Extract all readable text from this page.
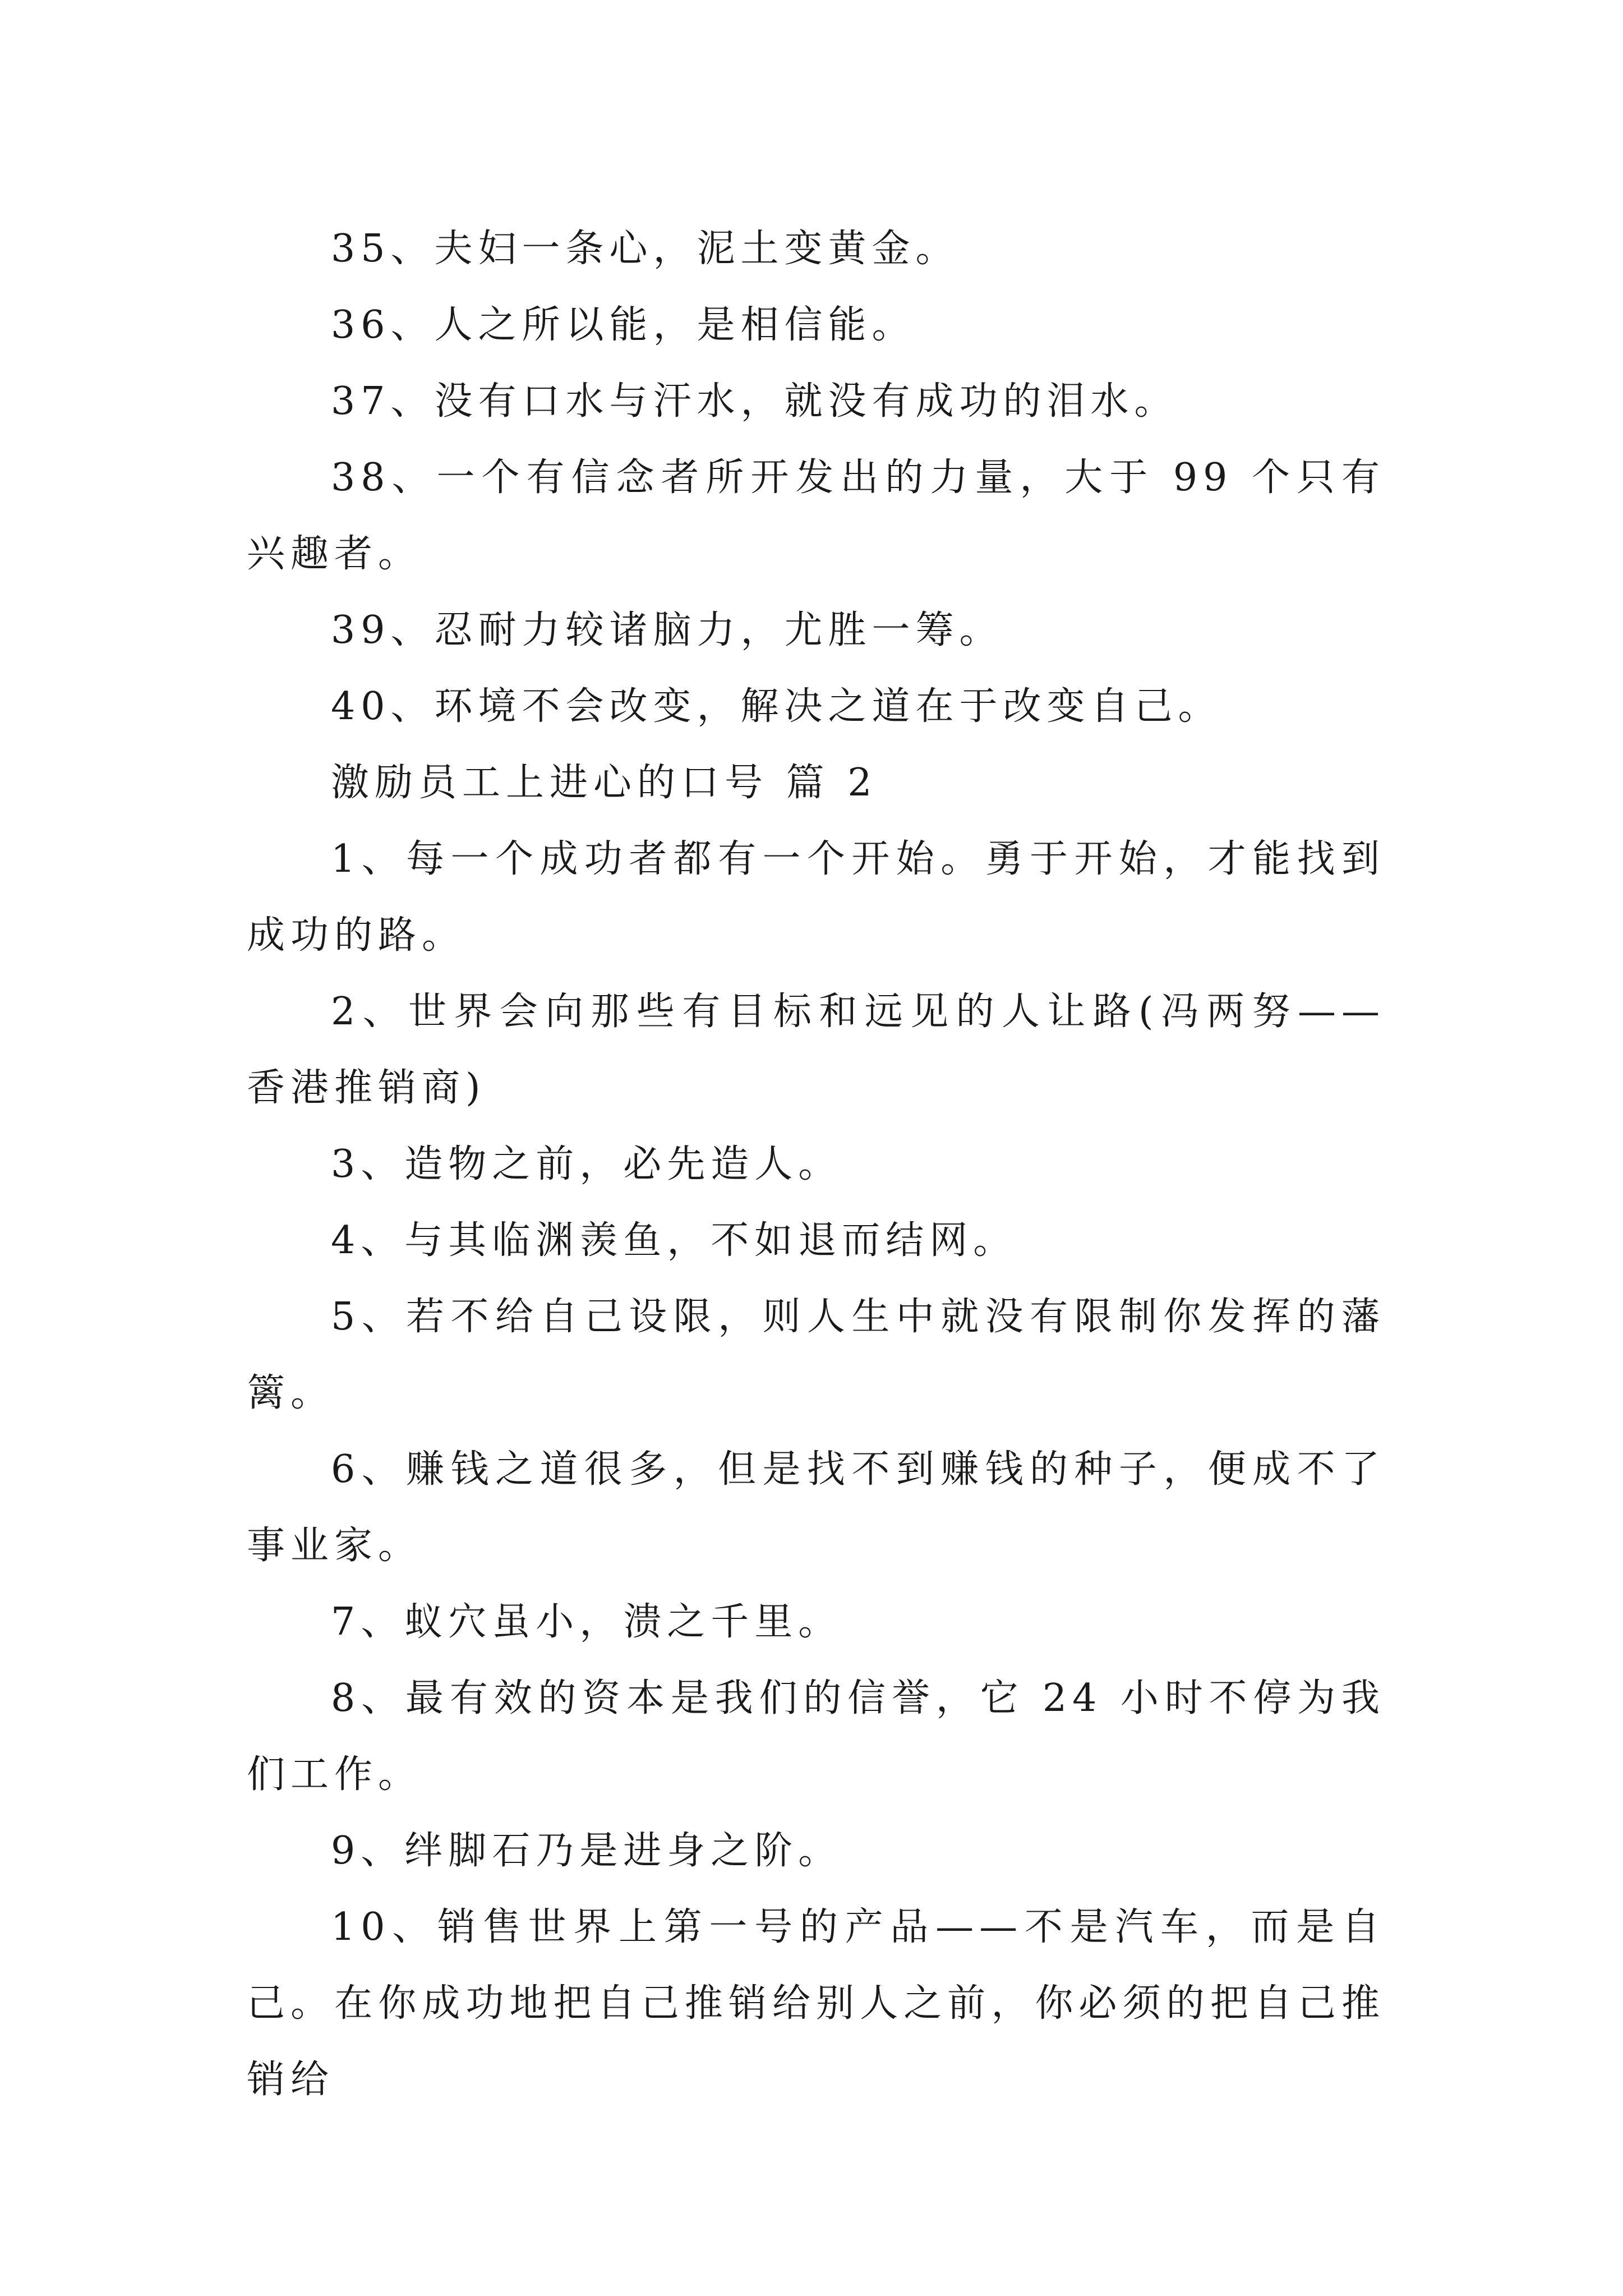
35、夫妇一条心，泥土变黄金。

36、人之所以能，是相信能。

37、没有口水与汗水，就没有成功的泪水。

38、一个有信念者所开发出的力量，大于 99 个只有兴趣者。

39、忍耐力较诸脑力，尤胜一筹。

40、环境不会改变，解决之道在于改变自己。

激励员工上进心的口号 篇 2

1、每一个成功者都有一个开始。勇于开始，才能找到成功的路。

2、世界会向那些有目标和远见的人让路(冯两努——香港推销商)

3、造物之前，必先造人。

4、与其临渊羡鱼，不如退而结网。

5、若不给自己设限，则人生中就没有限制你发挥的藩篱。

6、赚钱之道很多，但是找不到赚钱的种子，便成不了事业家。

7、蚁穴虽小，溃之千里。

8、最有效的资本是我们的信誉，它 24 小时不停为我们工作。

9、绊脚石乃是进身之阶。

10、销售世界上第一号的产品——不是汽车，而是自己。在你成功地把自己推销给别人之前，你必须的把自己推销给
